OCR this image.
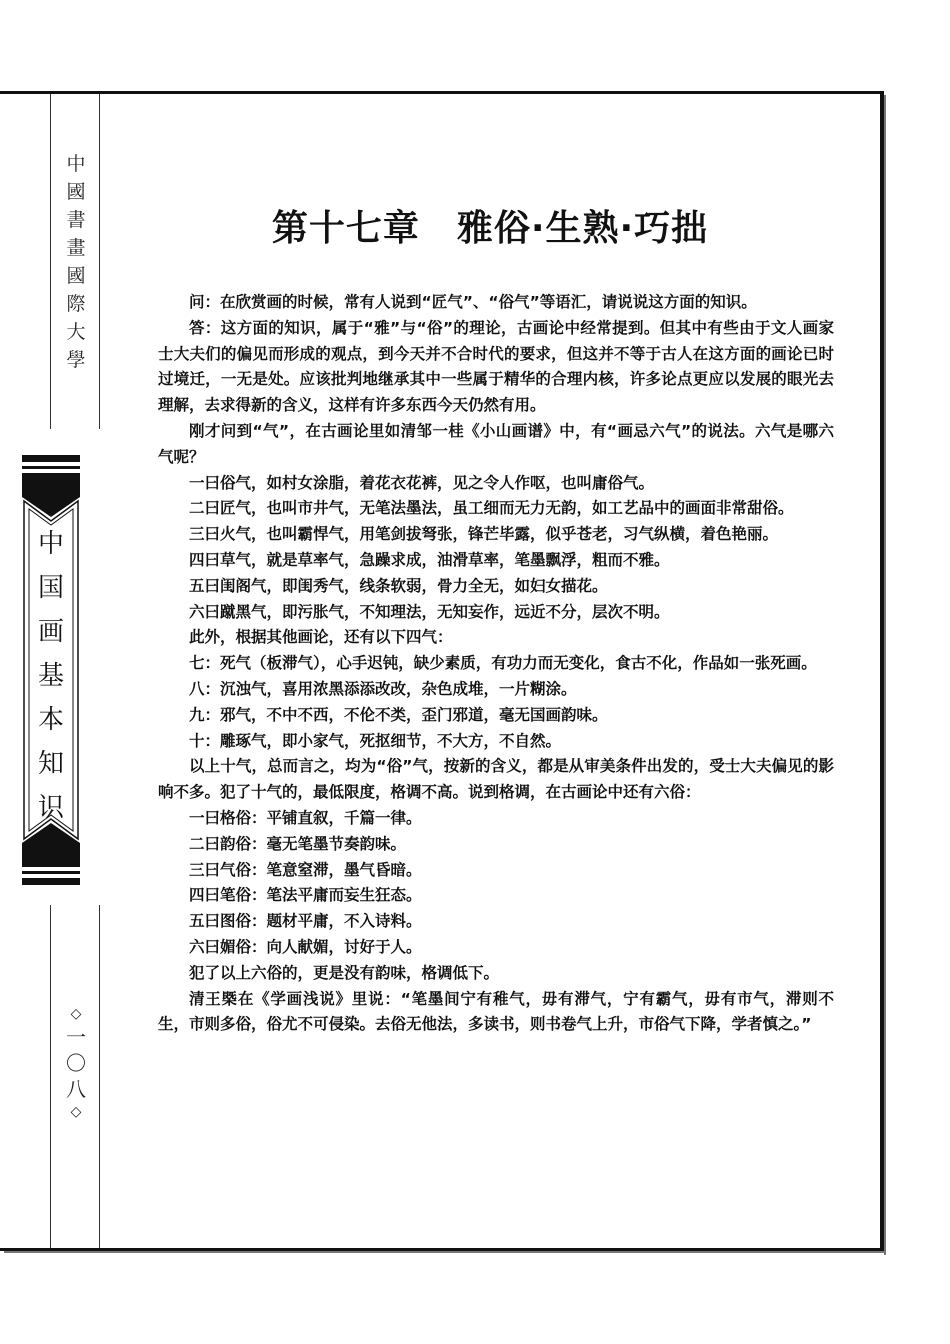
中
國
書
畫
國
際
大
學
中
国
画
基
本
知
识
◇
一
〇
八
◇
第十七章　雅俗·生熟·巧拙

问：在欣赏画的时候，常有人说到“匠气”、“俗气”等语汇，请说说这方面的知识。

答：这方面的知识，属于“雅”与“俗”的理论，古画论中经常提到。但其中有些由于文人画家士大夫们的偏见而形成的观点，到今天并不合时代的要求，但这并不等于古人在这方面的画论已时过境迁，一无是处。应该批判地继承其中一些属于精华的合理内核，许多论点更应以发展的眼光去理解，去求得新的含义，这样有许多东西今天仍然有用。

刚才问到“气”，在古画论里如清邹一桂《小山画谱》中，有“画忌六气”的说法。六气是哪六气呢？

一曰俗气，如村女涂脂，着花衣花裤，见之令人作呕，也叫庸俗气。

二曰匠气，也叫市井气，无笔法墨法，虽工细而无力无韵，如工艺品中的画面非常甜俗。

三曰火气，也叫霸悍气，用笔剑拔弩张，锋芒毕露，似乎苍老，习气纵横，着色艳丽。

四曰草气，就是草率气，急躁求成，油滑草率，笔墨飘浮，粗而不雅。

五曰闺阁气，即闺秀气，线条软弱，骨力全无，如妇女描花。

六曰蹴黑气，即污胀气，不知理法，无知妄作，远近不分，层次不明。

此外，根据其他画论，还有以下四气：

七：死气（板滞气），心手迟钝，缺少素质，有功力而无变化，食古不化，作品如一张死画。

八：沉浊气，喜用浓黑添添改改，杂色成堆，一片糊涂。

九：邪气，不中不西，不伦不类，歪门邪道，毫无国画韵味。

十：雕琢气，即小家气，死抠细节，不大方，不自然。

以上十气，总而言之，均为“俗”气，按新的含义，都是从审美条件出发的，受士大夫偏见的影响不多。犯了十气的，最低限度，格调不高。说到格调，在古画论中还有六俗：

一曰格俗：平铺直叙，千篇一律。

二曰韵俗：毫无笔墨节奏韵味。

三曰气俗：笔意窒滞，墨气昏暗。

四曰笔俗：笔法平庸而妄生狂态。

五曰图俗：题材平庸，不入诗料。

六曰媚俗：向人献媚，讨好于人。

犯了以上六俗的，更是没有韵味，格调低下。

清王槩在《学画浅说》里说：“笔墨间宁有稚气，毋有滞气，宁有霸气，毋有市气，滞则不生，市则多俗，俗尤不可侵染。去俗无他法，多读书，则书卷气上升，市俗气下降，学者慎之。”
